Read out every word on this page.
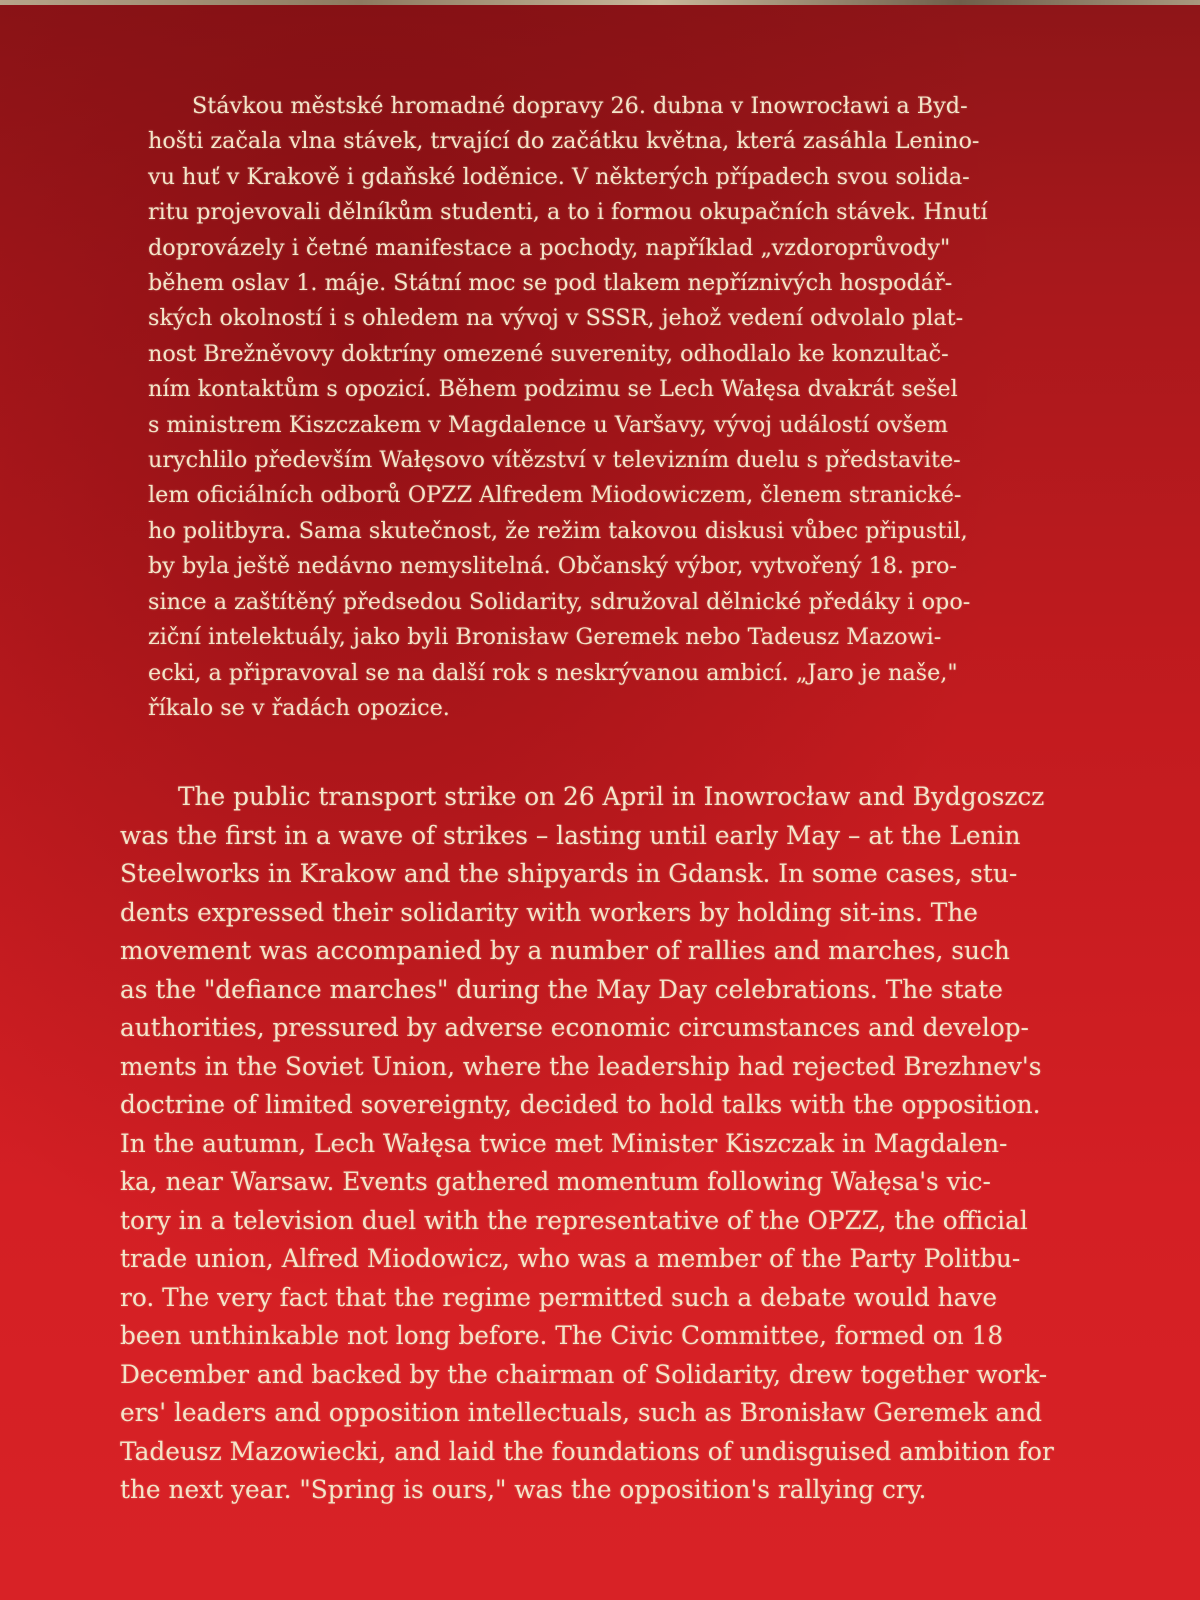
Stávkou městské hromadné dopravy 26. dubna v Inowrocławi a Byd-
hošti začala vlna stávek, trvající do začátku května, která zasáhla Lenino-
vu huť v Krakově i gdaňské loděnice. V některých případech svou solida-
ritu projevovali dělníkům studenti, a to i formou okupačních stávek. Hnutí
doprovázely i četné manifestace a pochody, například „vzdoroprůvody"
během oslav 1. máje. Státní moc se pod tlakem nepříznivých hospodář-
ských okolností i s ohledem na vývoj v SSSR, jehož vedení odvolalo plat-
nost Brežněvovy doktríny omezené suverenity, odhodlalo ke konzultač-
ním kontaktům s opozicí. Během podzimu se Lech Wałęsa dvakrát sešel
s ministrem Kiszczakem v Magdalence u Varšavy, vývoj událostí ovšem
urychlilo především Wałęsovo vítězství v televizním duelu s představite-
lem oficiálních odborů OPZZ Alfredem Miodowiczem, členem stranické-
ho politbyra. Sama skutečnost, že režim takovou diskusi vůbec připustil,
by byla ještě nedávno nemyslitelná. Občanský výbor, vytvořený 18. pro-
since a zaštítěný předsedou Solidarity, sdružoval dělnické předáky i opo-
ziční intelektuály, jako byli Bronisław Geremek nebo Tadeusz Mazowi-
ecki, a připravoval se na další rok s neskrývanou ambicí. „Jaro je naše,"
říkalo se v řadách opozice.
The public transport strike on 26 April in Inowrocław and Bydgoszcz
was the first in a wave of strikes – lasting until early May – at the Lenin
Steelworks in Krakow and the shipyards in Gdansk. In some cases, stu-
dents expressed their solidarity with workers by holding sit-ins. The
movement was accompanied by a number of rallies and marches, such
as the "defiance marches" during the May Day celebrations. The state
authorities, pressured by adverse economic circumstances and develop-
ments in the Soviet Union, where the leadership had rejected Brezhnev's
doctrine of limited sovereignty, decided to hold talks with the opposition.
In the autumn, Lech Wałęsa twice met Minister Kiszczak in Magdalen-
ka, near Warsaw. Events gathered momentum following Wałęsa's vic-
tory in a television duel with the representative of the OPZZ, the official
trade union, Alfred Miodowicz, who was a member of the Party Politbu-
ro. The very fact that the regime permitted such a debate would have
been unthinkable not long before. The Civic Committee, formed on 18
December and backed by the chairman of Solidarity, drew together work-
ers' leaders and opposition intellectuals, such as Bronisław Geremek and
Tadeusz Mazowiecki, and laid the foundations of undisguised ambition for
the next year. "Spring is ours," was the opposition's rallying cry.
